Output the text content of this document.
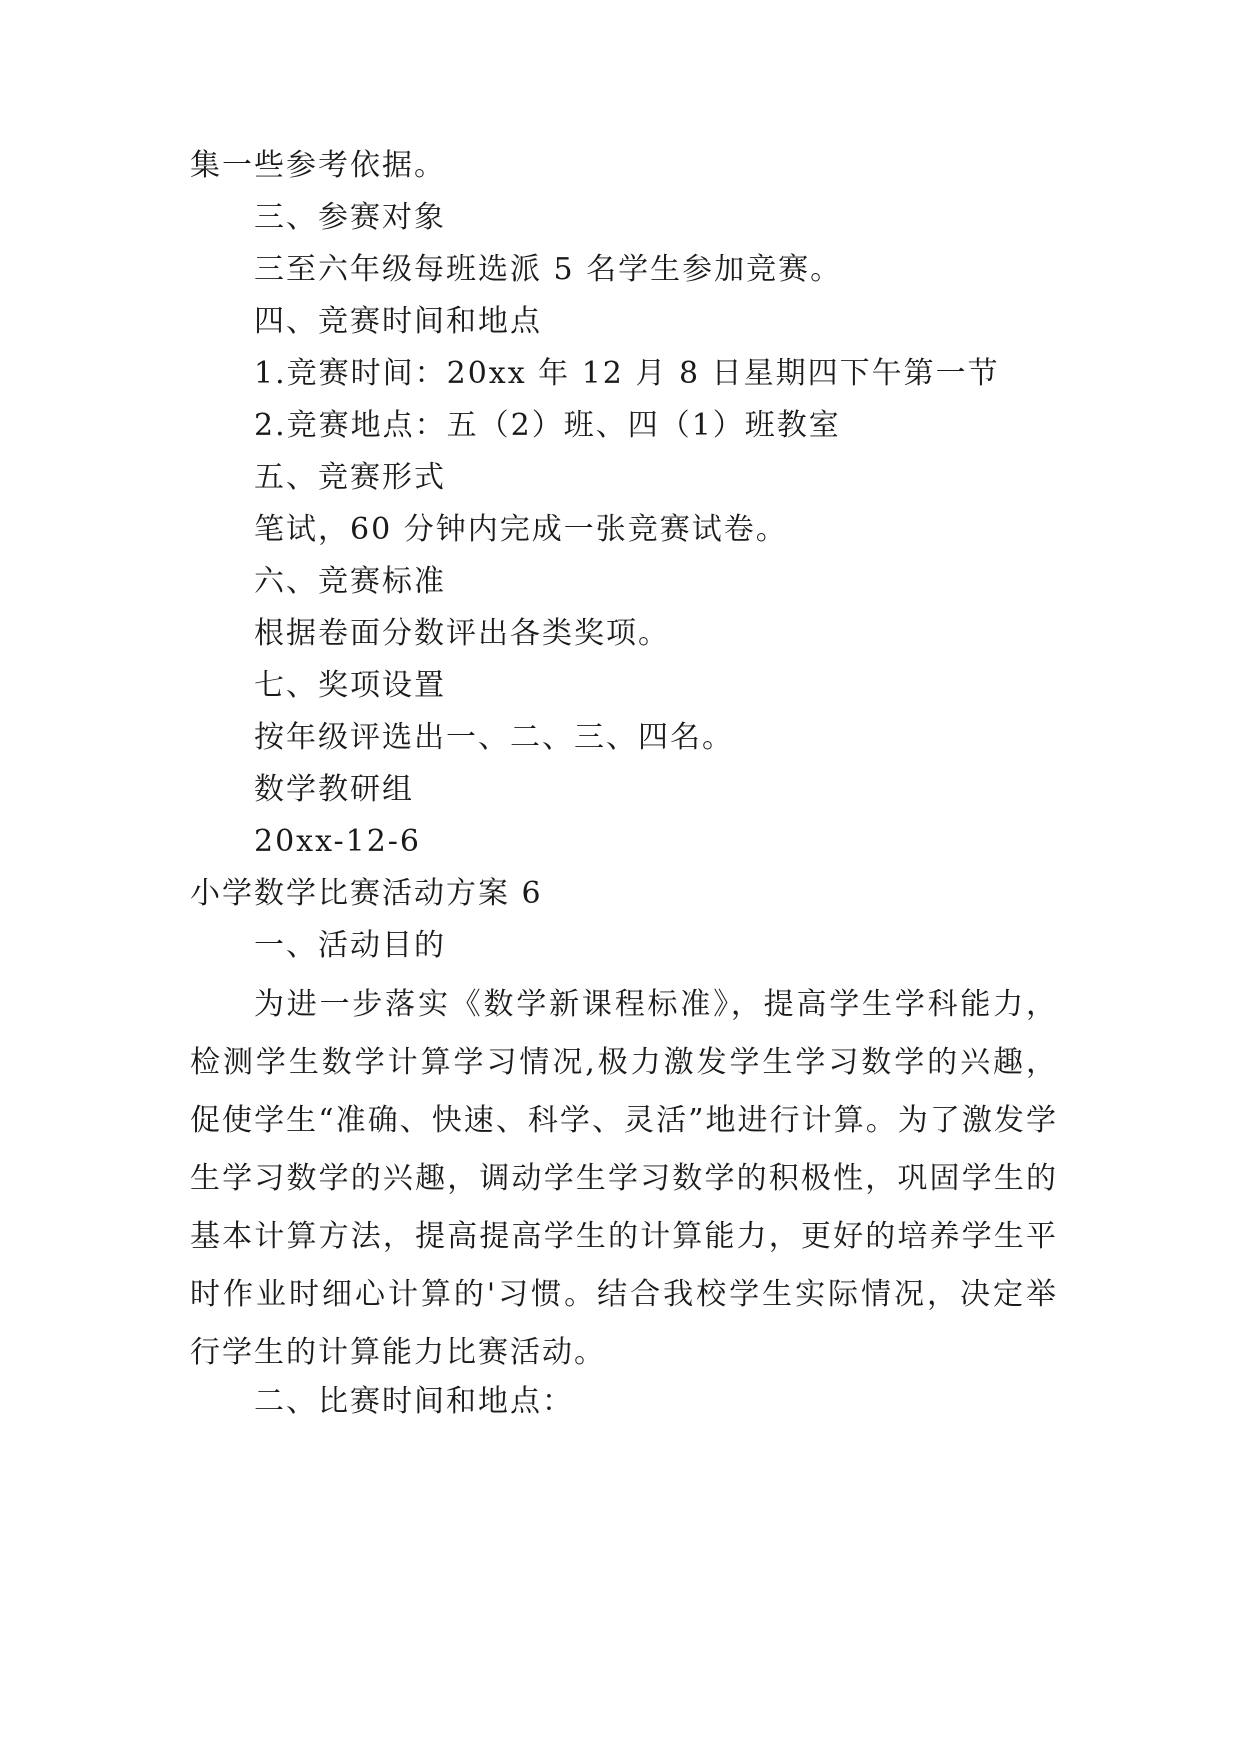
集一些参考依据。
三、参赛对象
三至六年级每班选派 5 名学生参加竞赛。
四、竞赛时间和地点
1.竞赛时间：20xx 年 12 月 8 日星期四下午第一节
2.竞赛地点：五（2）班、四（1）班教室
五、竞赛形式
笔试，60 分钟内完成一张竞赛试卷。
六、竞赛标准
根据卷面分数评出各类奖项。
七、奖项设置
按年级评选出一、二、三、四名。
数学教研组
20xx-12-6
小学数学比赛活动方案 6
一、活动目的
为进一步落实《数学新课程标准》，提高学生学科能力，检测学生数学计算学习情况,极力激发学生学习数学的兴趣，促使学生“准确、快速、科学、灵活”地进行计算。为了激发学生学习数学的兴趣，调动学生学习数学的积极性，巩固学生的基本计算方法，提高提高学生的计算能力，更好的培养学生平时作业时细心计算的'习惯。结合我校学生实际情况，决定举行学生的计算能力比赛活动。
二、比赛时间和地点：
